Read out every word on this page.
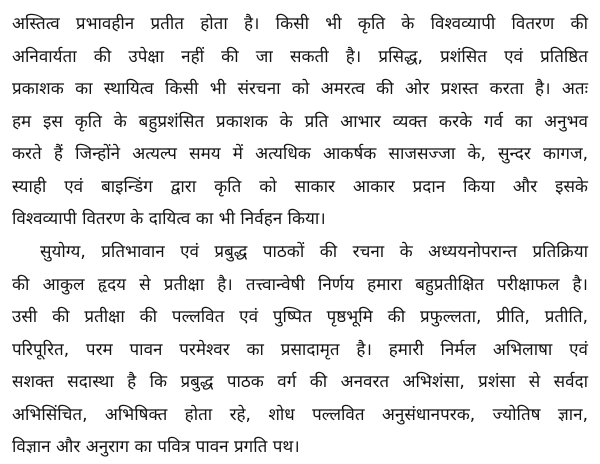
अस्तित्व प्रभावहीन प्रतीत होता है। किसी भी कृति के विश्वव्यापी वितरण की
अनिवार्यता की उपेक्षा नहीं की जा सकती है। प्रसिद्ध, प्रशंसित एवं प्रतिष्ठित
प्रकाशक का स्थायित्व किसी भी संरचना को अमरत्व की ओर प्रशस्त करता है। अतः
हम इस कृति के बहुप्रशंसित प्रकाशक के प्रति आभार व्यक्त करके गर्व का अनुभव
करते हैं जिन्होंने अत्यल्प समय में अत्यधिक आकर्षक साजसज्जा के, सुन्दर कागज,
स्याही एवं बाइन्डिंग द्वारा कृति को साकार आकार प्रदान किया और इसके
विश्वव्यापी वितरण के दायित्व का भी निर्वहन किया।

सुयोग्य, प्रतिभावान एवं प्रबुद्ध पाठकों की रचना के अध्ययनोपरान्त प्रतिक्रिया
की आकुल हृदय से प्रतीक्षा है। तत्त्वान्वेषी निर्णय हमारा बहुप्रतीक्षित परीक्षाफल है।
उसी की प्रतीक्षा की पल्लवित एवं पुष्पित पृष्ठभूमि की प्रफुल्लता, प्रीति, प्रतीति,
परिपूरित, परम पावन परमेश्वर का प्रसादामृत है। हमारी निर्मल अभिलाषा एवं
सशक्त सदास्था है कि प्रबुद्ध पाठक वर्ग की अनवरत अभिशंसा, प्रशंसा से सर्वदा
अभिसिंचित, अभिषिक्त होता रहे, शोध पल्लवित अनुसंधानपरक, ज्योतिष ज्ञान,
विज्ञान और अनुराग का पवित्र पावन प्रगति पथ।
